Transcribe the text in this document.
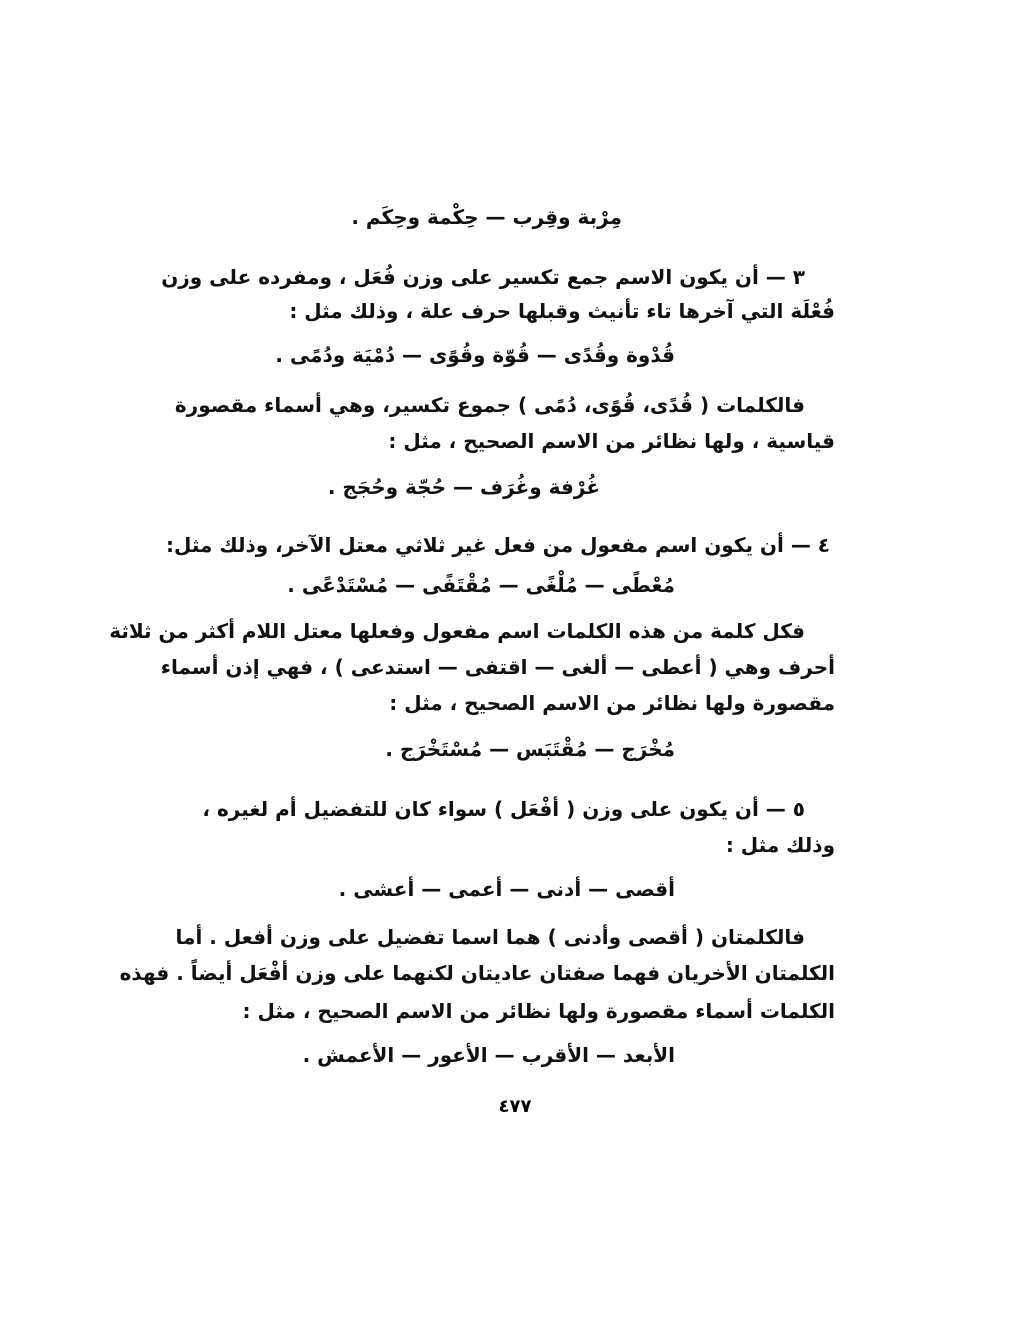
مِرْبة وقِرب — حِكْمة وحِكَم .
٣ — أن يكون الاسم جمع تكسير على وزن فُعَل ، ومفرده على وزن
فُعْلَة التي آخرها تاء تأنيث وقبلها حرف علة ، وذلك مثل :
قُدْوة وقُدًى — قُوّة وقُوًى — دُمْيَة ودُمًى .
فالكلمات ( قُدًى، قُوًى، دُمًى ) جموع تكسير، وهي أسماء مقصورة
قياسية ، ولها نظائر من الاسم الصحيح ، مثل :
غُرْفة وغُرَف — حُجّة وحُجَج .
٤ — أن يكون اسم مفعول من فعل غير ثلاثي معتل الآخر، وذلك مثل:
مُعْطًى — مُلْغًى — مُقْتَفًى — مُسْتَدْعًى .
فكل كلمة من هذه الكلمات اسم مفعول وفعلها معتل اللام أكثر من ثلاثة
أحرف وهي ( أعطى — ألغى — اقتفى — استدعى ) ، فهي إذن أسماء
مقصورة ولها نظائر من الاسم الصحيح ، مثل :
مُخْرَج — مُقْتَبَس — مُسْتَخْرَج .
٥ — أن يكون على وزن ( أفْعَل ) سواء كان للتفضيل أم لغيره ،
وذلك مثل :
أقصى — أدنى — أعمى — أعشى .
فالكلمتان ( أقصى وأدنى ) هما اسما تفضيل على وزن أفعل . أما
الكلمتان الأخريان فهما صفتان عاديتان لكنهما على وزن أفْعَل أيضاً . فهذه
الكلمات أسماء مقصورة ولها نظائر من الاسم الصحيح ، مثل :
الأبعد — الأقرب — الأعور — الأعمش .
٤٧٧
